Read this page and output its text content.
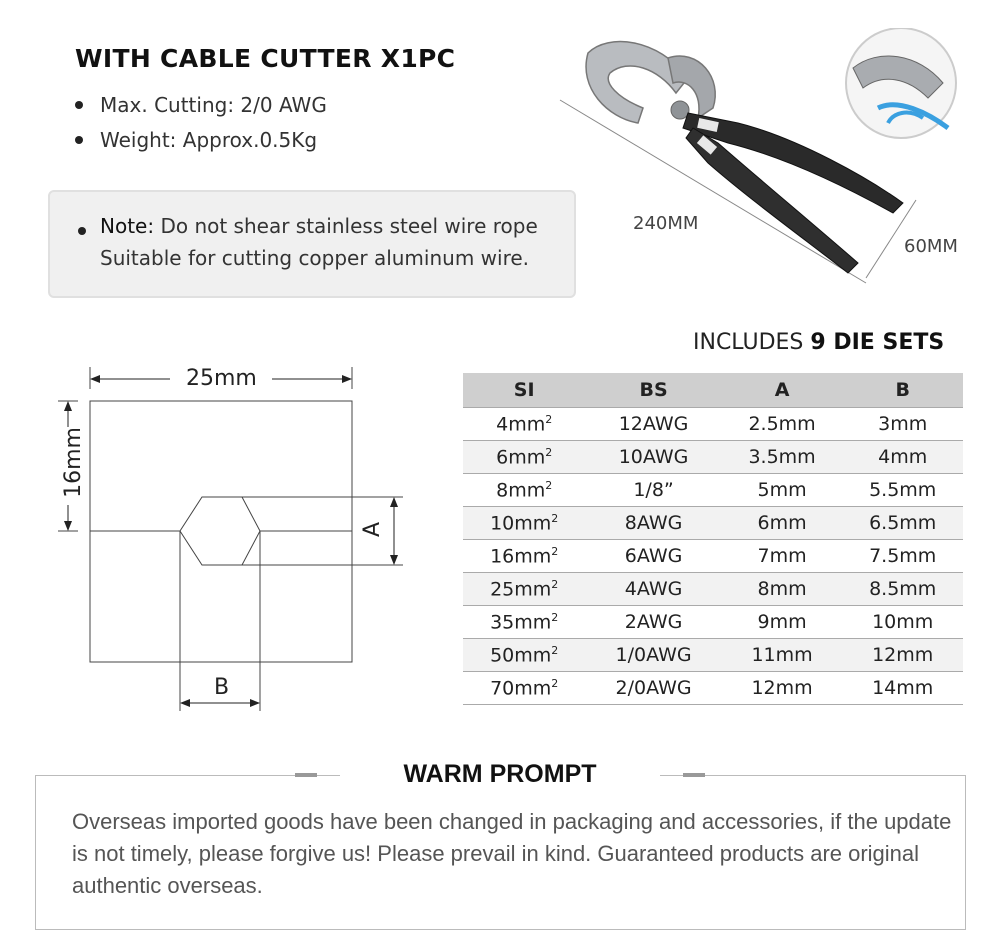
WITH CABLE CUTTER X1PC
Max. Cutting: 2/0 AWG
Weight: Approx.0.5Kg
Note: Do not shear stainless steel wire rope
Suitable for cutting copper aluminum wire.
240MM
60MM
INCLUDES 9 DIE SETS
25mm
16mm
A
B
SI	BS	A	B
$4mm^2$	12AWG	2.5mm	3mm
$6mm^2$	10AWG	3.5mm	4mm
$8mm^2$	1/8”	5mm	5.5mm
$10mm^2$	8AWG	6mm	6.5mm
$16mm^2$	6AWG	7mm	7.5mm
$25mm^2$	4AWG	8mm	8.5mm
$35mm^2$	2AWG	9mm	10mm
$50mm^2$	1/0AWG	11mm	12mm
$70mm^2$	2/0AWG	12mm	14mm
WARM PROMPT
Overseas imported goods have been changed in packaging and accessories, if the update is not timely, please forgive us! Please prevail in kind. Guaranteed products are original authentic overseas.
